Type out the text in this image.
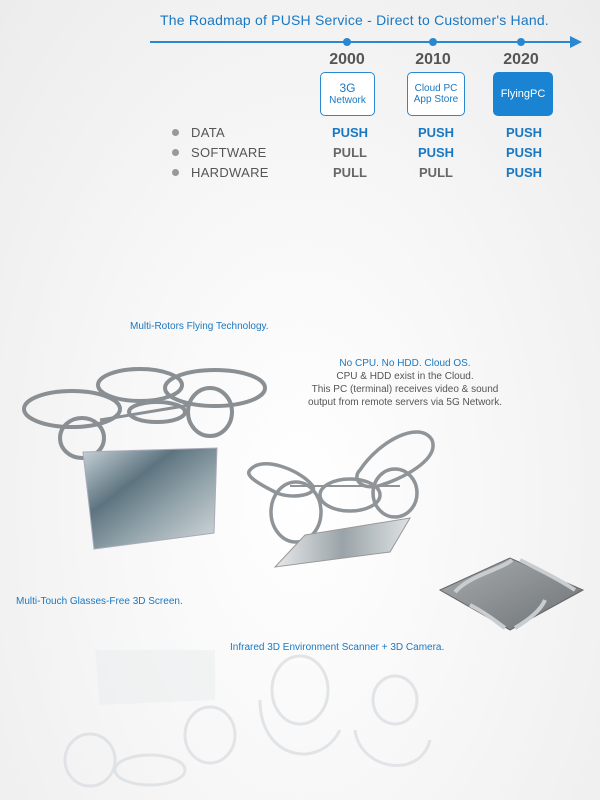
The Roadmap of PUSH Service - Direct to Customer's Hand.
2000	2010	2020
3G
Network
Cloud PC
App Store	FlyingPC
DATA	PUSH	PUSH	PUSH
SOFTWARE	PULL	PUSH	PUSH
HARDWARE	PULL	PULL	PUSH
Multi-Rotors Flying Technology.
No CPU. No HDD. Cloud OS.
CPU & HDD exist in the Cloud.
This PC (terminal) receives video & sound
output from remote servers via 5G Network.
Multi-Touch Glasses-Free 3D Screen.
Infrared 3D Environment Scanner + 3D Camera.
